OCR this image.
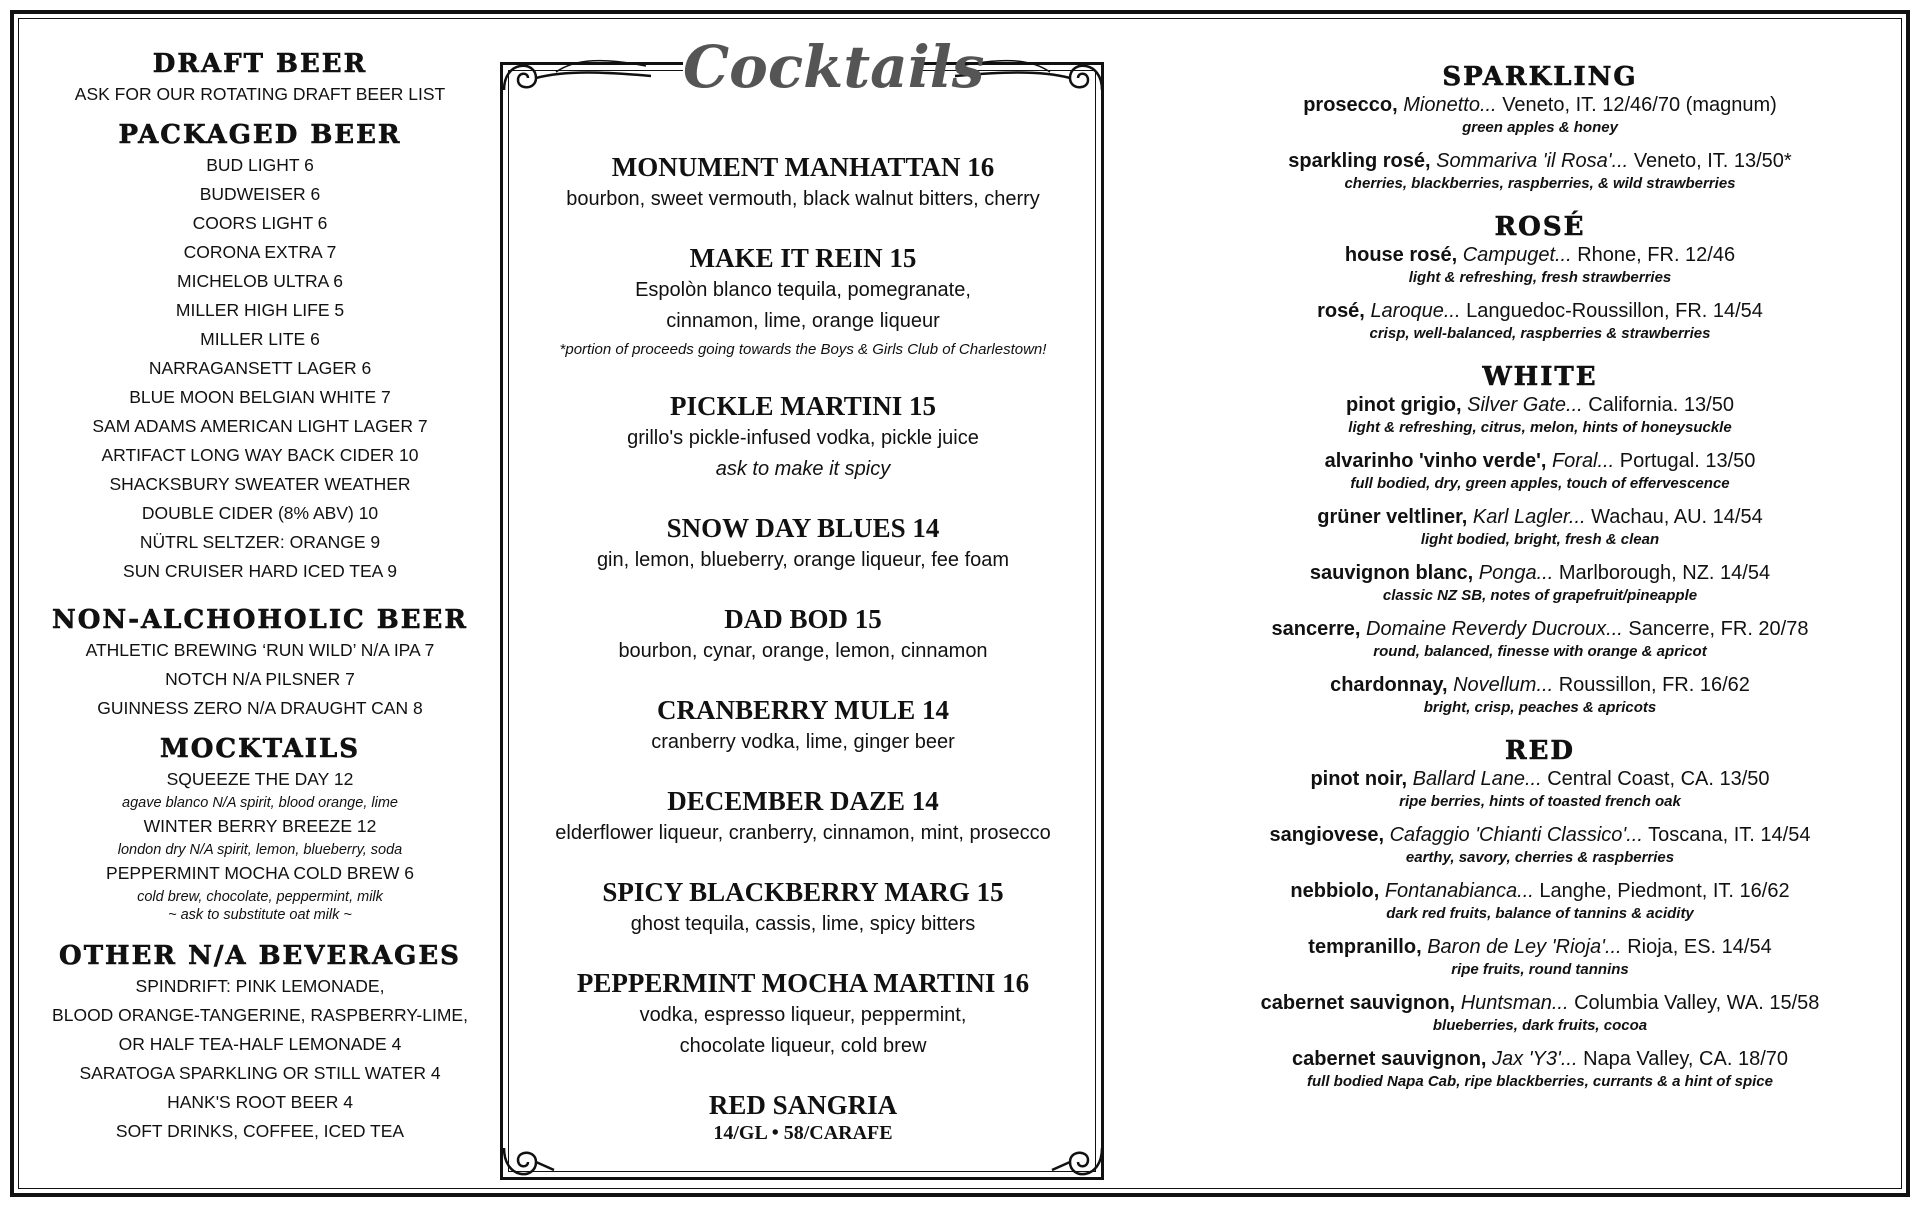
DRAFT BEER
ASK FOR OUR ROTATING DRAFT BEER LIST
PACKAGED BEER
BUD LIGHT 6
BUDWEISER 6
COORS LIGHT 6
CORONA EXTRA 7
MICHELOB ULTRA 6
MILLER HIGH LIFE 5
MILLER LITE 6
NARRAGANSETT LAGER 6
BLUE MOON BELGIAN WHITE 7
SAM ADAMS AMERICAN LIGHT LAGER 7
ARTIFACT LONG WAY BACK CIDER 10
SHACKSBURY SWEATER WEATHER
DOUBLE CIDER (8% ABV) 10
NÜTRL SELTZER: ORANGE 9
SUN CRUISER HARD ICED TEA 9
NON-ALCHOHOLIC BEER
ATHLETIC BREWING ‘RUN WILD’ N/A IPA 7
NOTCH N/A PILSNER 7
GUINNESS ZERO N/A DRAUGHT CAN 8
MOCKTAILS
SQUEEZE THE DAY 12
agave blanco N/A spirit, blood orange, lime
WINTER BERRY BREEZE 12
london dry N/A spirit, lemon, blueberry, soda
PEPPERMINT MOCHA COLD BREW 6
cold brew, chocolate, peppermint, milk
~ ask to substitute oat milk ~
OTHER N/A BEVERAGES
SPINDRIFT: PINK LEMONADE,
BLOOD ORANGE-TANGERINE, RASPBERRY-LIME,
OR HALF TEA-HALF LEMONADE 4
SARATOGA SPARKLING OR STILL WATER 4
HANK'S ROOT BEER 4
SOFT DRINKS, COFFEE, ICED TEA
Cocktails
MONUMENT MANHATTAN 16
bourbon, sweet vermouth, black walnut bitters, cherry
MAKE IT REIN 15
Espolòn blanco tequila, pomegranate,
cinnamon, lime, orange liqueur
*portion of proceeds going towards the Boys & Girls Club of Charlestown!
PICKLE MARTINI 15
grillo's pickle-infused vodka, pickle juice
ask to make it spicy
SNOW DAY BLUES 14
gin, lemon, blueberry, orange liqueur, fee foam
DAD BOD 15
bourbon, cynar, orange, lemon, cinnamon
CRANBERRY MULE 14
cranberry vodka, lime, ginger beer
DECEMBER DAZE 14
elderflower liqueur, cranberry, cinnamon, mint, prosecco
SPICY BLACKBERRY MARG 15
ghost tequila, cassis, lime, spicy bitters
PEPPERMINT MOCHA MARTINI 16
vodka, espresso liqueur, peppermint,
chocolate liqueur, cold brew
RED SANGRIA
14/GL • 58/CARAFE
SPARKLING
prosecco, Mionetto... Veneto, IT. 12/46/70 (magnum)
green apples & honey
sparkling rosé, Sommariva 'il Rosa'... Veneto, IT. 13/50*
cherries, blackberries, raspberries, & wild strawberries
ROSÉ
house rosé, Campuget... Rhone, FR. 12/46
light & refreshing, fresh strawberries
rosé, Laroque... Languedoc-Roussillon, FR. 14/54
crisp, well-balanced, raspberries & strawberries
WHITE
pinot grigio, Silver Gate... California. 13/50
light & refreshing, citrus, melon, hints of honeysuckle
alvarinho 'vinho verde', Foral... Portugal. 13/50
full bodied, dry, green apples, touch of effervescence
grüner veltliner, Karl Lagler... Wachau, AU. 14/54
light bodied, bright, fresh & clean
sauvignon blanc, Ponga... Marlborough, NZ. 14/54
classic NZ SB, notes of grapefruit/pineapple
sancerre, Domaine Reverdy Ducroux... Sancerre, FR. 20/78
round, balanced, finesse with orange & apricot
chardonnay, Novellum... Roussillon, FR. 16/62
bright, crisp, peaches & apricots
RED
pinot noir, Ballard Lane... Central Coast, CA. 13/50
ripe berries, hints of toasted french oak
sangiovese, Cafaggio 'Chianti Classico'... Toscana, IT. 14/54
earthy, savory, cherries & raspberries
nebbiolo, Fontanabianca... Langhe, Piedmont, IT. 16/62
dark red fruits, balance of tannins & acidity
tempranillo, Baron de Ley 'Rioja'... Rioja, ES. 14/54
ripe fruits, round tannins
cabernet sauvignon, Huntsman... Columbia Valley, WA. 15/58
blueberries, dark fruits, cocoa
cabernet sauvignon, Jax 'Y3'... Napa Valley, CA. 18/70
full bodied Napa Cab, ripe blackberries, currants & a hint of spice
